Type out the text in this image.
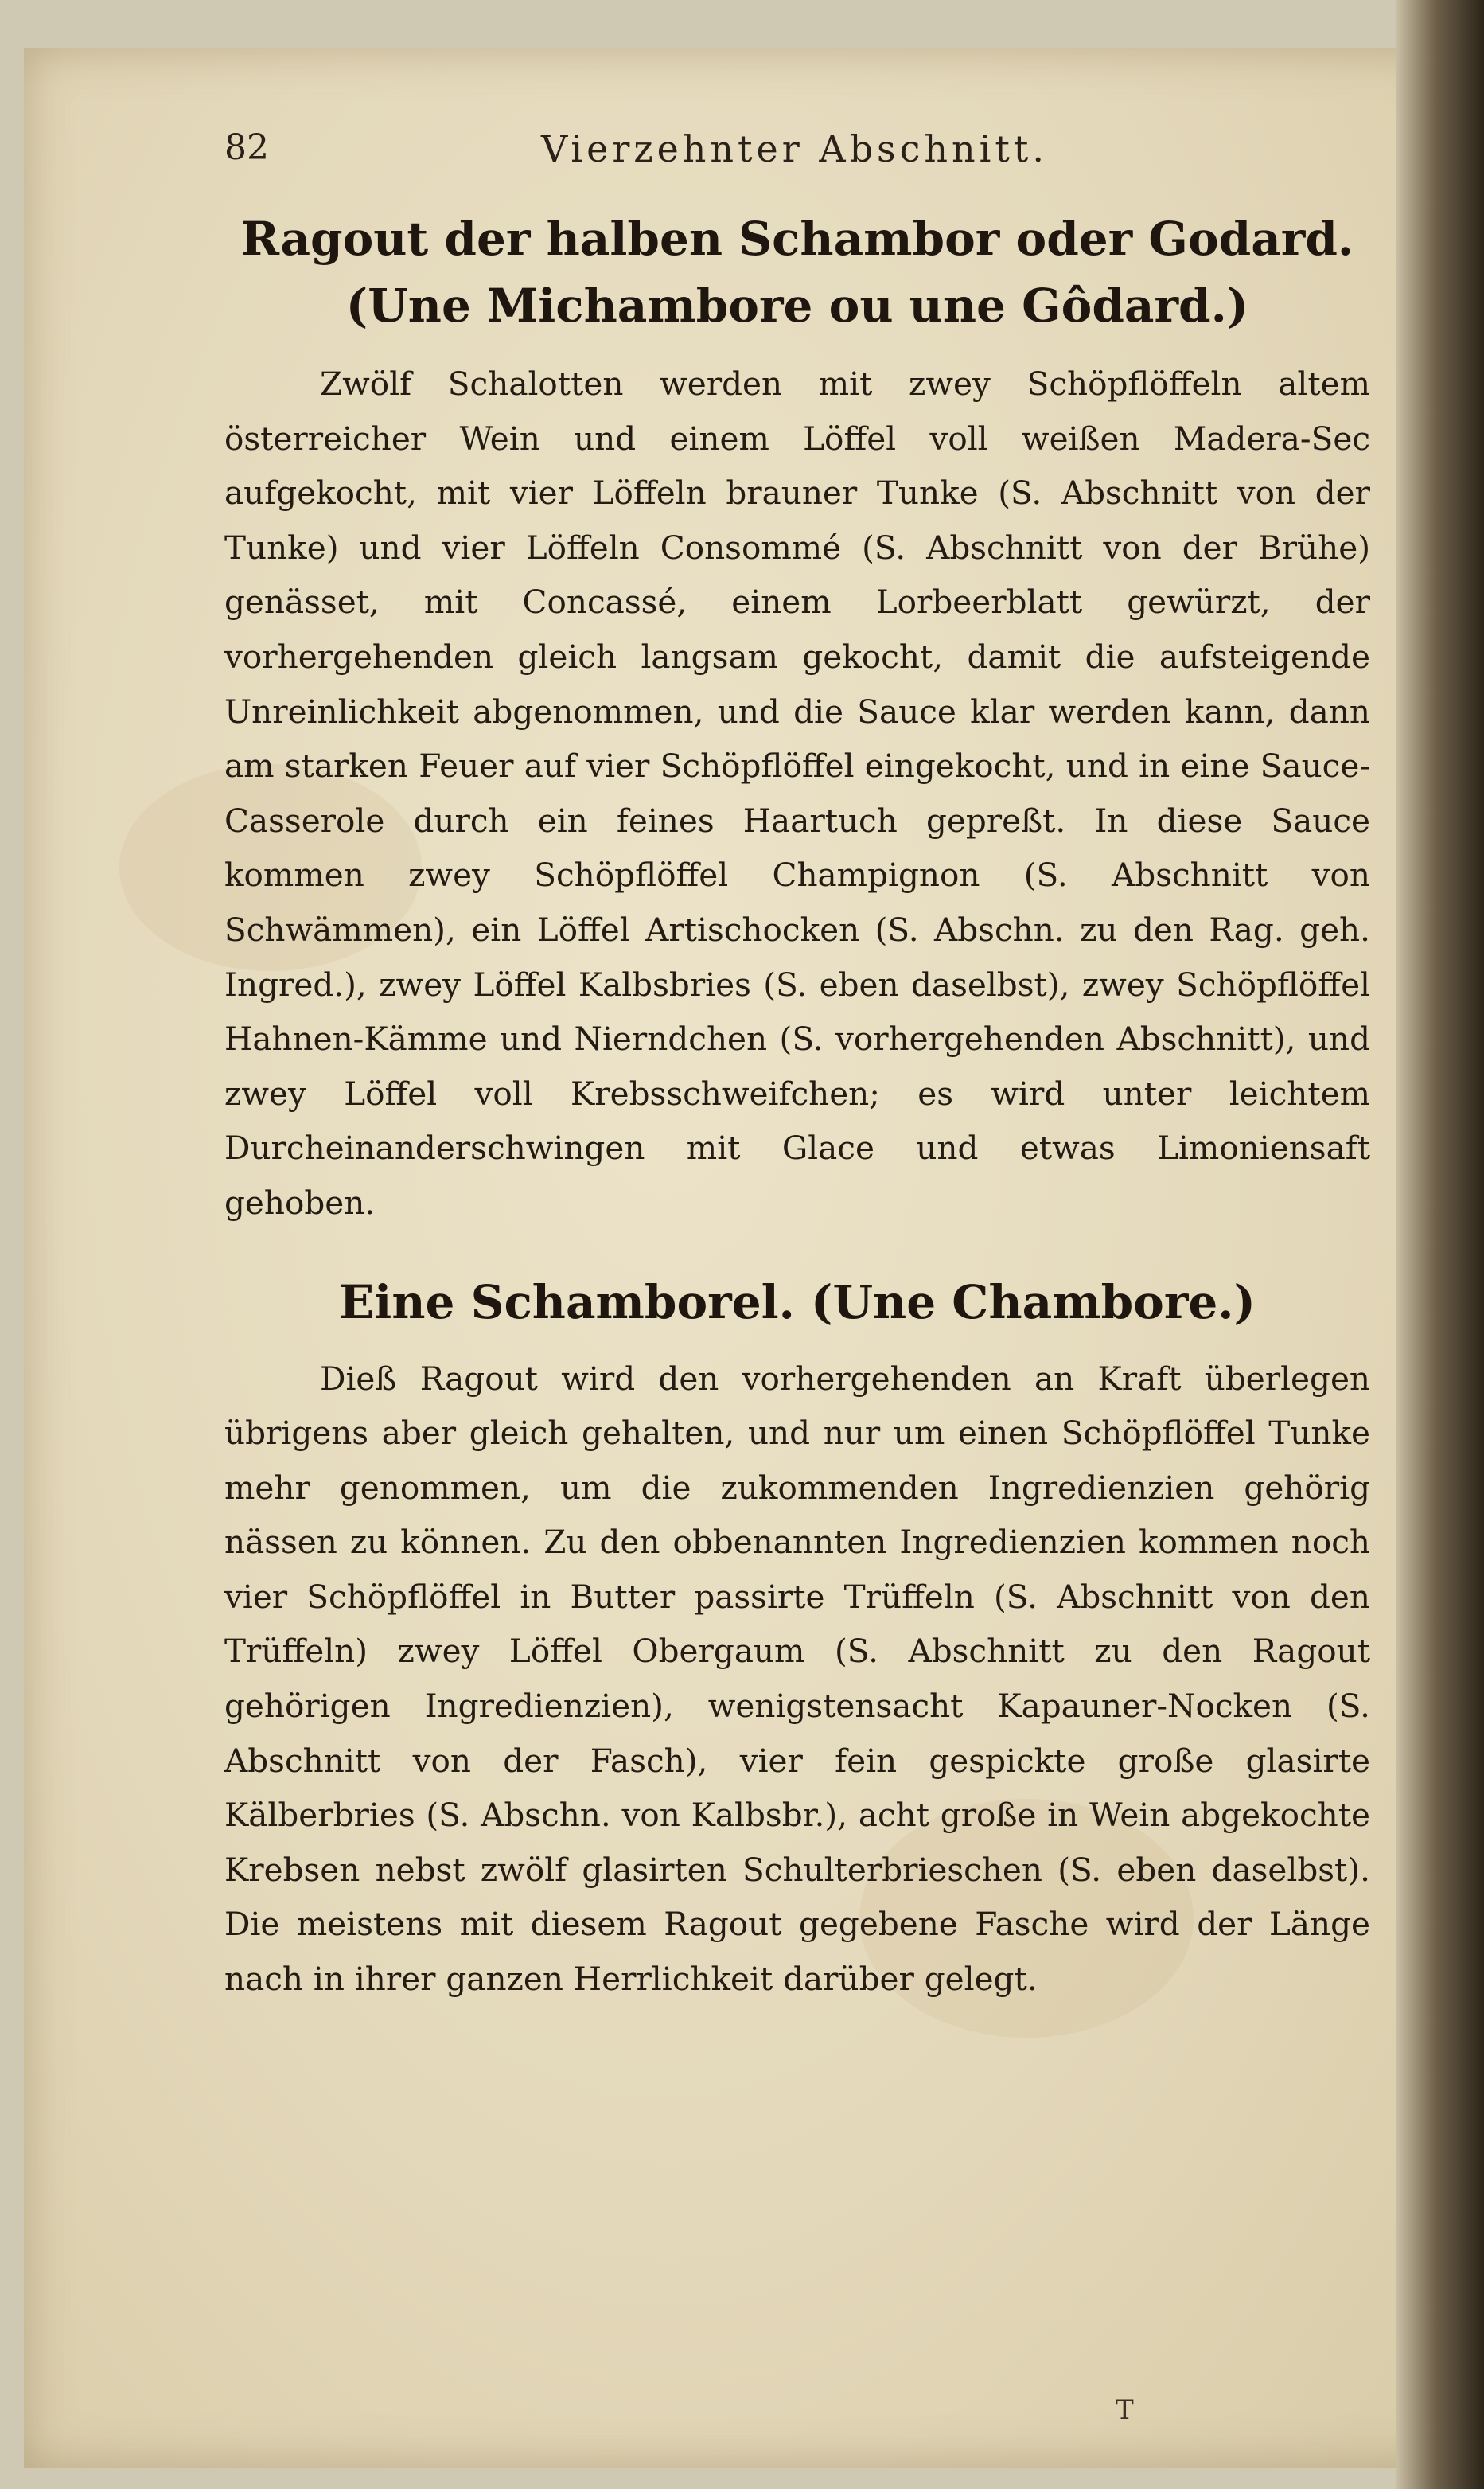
82	Vierzehnter Abschnitt.
Ragout der halben Schambor oder Godard. (Une Michambore ou une Gôdard.)

Zwölf Schalotten werden mit zwey Schöpflöffeln altem österreicher Wein und einem Löffel voll weißen Madera-Sec aufgekocht, mit vier Löffeln brauner Tunke (S. Abschnitt von der Tunke) und vier Löffeln Consommé (S. Abschnitt von der Brühe) genässet, mit Concassé, einem Lorbeerblatt gewürzt, der vorhergehenden gleich langsam gekocht, damit die aufsteigende Unreinlichkeit abgenommen, und die Sauce klar werden kann, dann am starken Feuer auf vier Schöpflöffel eingekocht, und in eine Sauce-Casserole durch ein feines Haartuch gepreßt. In diese Sauce kommen zwey Schöpflöffel Champignon (S. Abschnitt von Schwämmen), ein Löffel Artischocken (S. Abschn. zu den Rag. geh. Ingred.), zwey Löffel Kalbsbries (S. eben daselbst), zwey Schöpflöffel Hahnen-Kämme und Nierndchen (S. vorhergehenden Abschnitt), und zwey Löffel voll Krebsschweifchen; es wird unter leichtem Durcheinanderschwingen mit Glace und etwas Limoniensaft gehoben.

Eine Schamborel. (Une Chambore.)

Dieß Ragout wird den vorhergehenden an Kraft überlegen übrigens aber gleich gehalten, und nur um einen Schöpflöffel Tunke mehr genommen, um die zukommenden Ingredienzien gehörig nässen zu können. Zu den obbenannten Ingredienzien kommen noch vier Schöpflöffel in Butter passirte Trüffeln (S. Abschnitt von den Trüffeln) zwey Löffel Obergaum (S. Abschnitt zu den Ragout gehörigen Ingredienzien), wenigstensacht Kapauner-Nocken (S. Abschnitt von der Fasch), vier fein gespickte große glasirte Kälberbries (S. Abschn. von Kalbsbr.), acht große in Wein abgekochte Krebsen nebst zwölf glasirten Schulterbrieschen (S. eben daselbst). Die meistens mit diesem Ragout gegebene Fasche wird der Länge nach in ihrer ganzen Herrlichkeit darüber gelegt.

T
